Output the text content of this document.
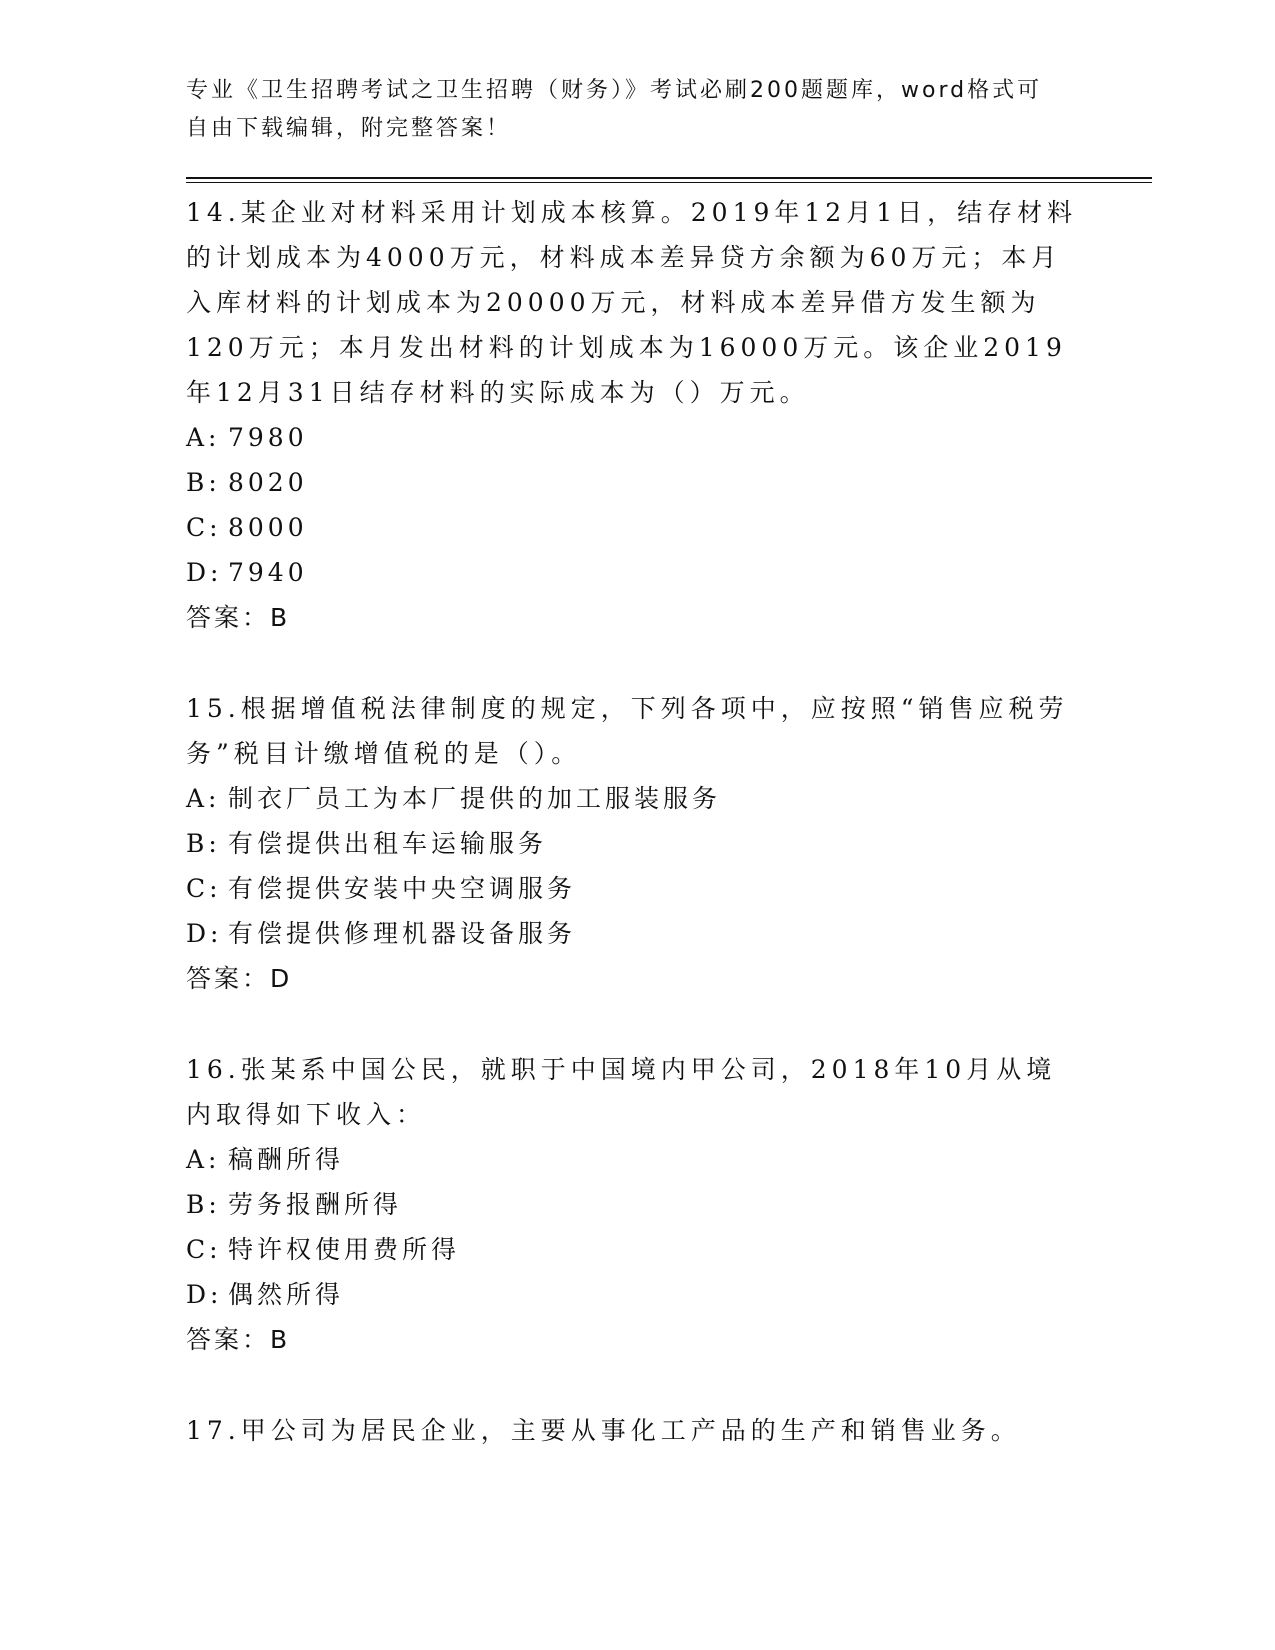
专业《卫生招聘考试之卫生招聘（财务）》考试必刷200题题库，word格式可自由下载编辑，附完整答案！

14.某企业对材料采用计划成本核算。2019年12月1日，结存材料的计划成本为4000万元，材料成本差异贷方余额为60万元；本月入库材料的计划成本为20000万元，材料成本差异借方发生额为120万元；本月发出材料的计划成本为16000万元。该企业2019年12月31日结存材料的实际成本为（）万元。

A: 7980

B: 8020

C: 8000

D: 7940

答案：B

15.根据增值税法律制度的规定，下列各项中，应按照“销售应税劳务”税目计缴增值税的是（）。

A: 制衣厂员工为本厂提供的加工服装服务

B: 有偿提供出租车运输服务

C: 有偿提供安装中央空调服务

D: 有偿提供修理机器设备服务

答案：D

16.张某系中国公民，就职于中国境内甲公司，2018年10月从境内取得如下收入：

A: 稿酬所得

B: 劳务报酬所得

C: 特许权使用费所得

D: 偶然所得

答案：B

17.甲公司为居民企业，主要从事化工产品的生产和销售业务。
